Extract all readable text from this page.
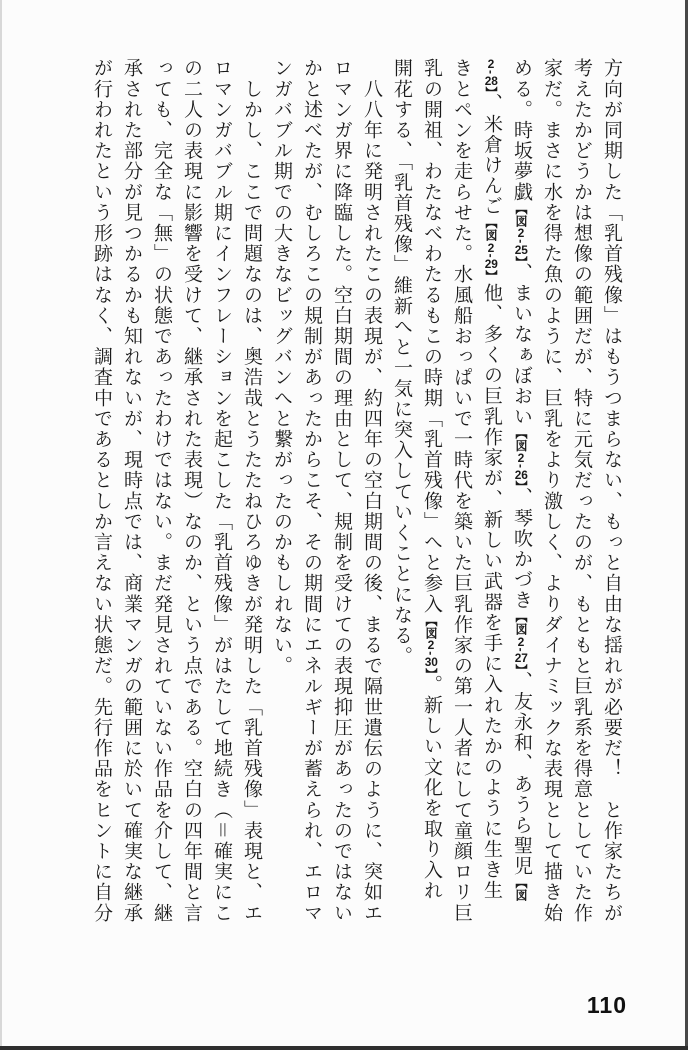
方向が同期した「乳首残像」はもうつまらない、もっと自由な揺れが必要だ！　と作家たちが
考えたかどうかは想像の範囲だが、特に元気だったのが、もともと巨乳系を得意としていた作
家だ。まさに水を得た魚のように、巨乳をより激しく、よりダイナミックな表現として描き始
める。時坂夢戯【図2-25】、まいなぁぼおい【図2-26】、琴吹かづき【図2-27】、友永和、あうら聖児【図
2-28】、米倉けんご【図2-29】他、多くの巨乳作家が、新しい武器を手に入れたかのように生き生
きとペンを走らせた。水風船おっぱいで一時代を築いた巨乳作家の第一人者にして童顔ロリ巨
乳の開祖、わたなべわたるもこの時期「乳首残像」へと参入【図2-30】。新しい文化を取り入れ
開花する、「乳首残像」維新へと一気に突入していくことになる。
　八八年に発明されたこの表現が、約四年の空白期間の後、まるで隔世遺伝のように、突如エ
ロマンガ界に降臨した。空白期間の理由として、規制を受けての表現抑圧があったのではない
かと述べたが、むしろこの規制があったからこそ、その期間にエネルギーが蓄えられ、エロマ
ンガバブル期での大きなビッグバンへと繋がったのかもしれない。
　しかし、ここで問題なのは、奥浩哉とうたたねひろゆきが発明した「乳首残像」表現と、エ
ロマンガバブル期にインフレーションを起こした「乳首残像」がはたして地続き（＝確実にこ
の二人の表現に影響を受けて、継承された表現）なのか、という点である。空白の四年間と言
っても、完全な「無」の状態であったわけではない。まだ発見されていない作品を介して、継
承された部分が見つかるかも知れないが、現時点では、商業マンガの範囲に於いて確実な継承
が行われたという形跡はなく、調査中であるとしか言えない状態だ。先行作品をヒントに自分
110
